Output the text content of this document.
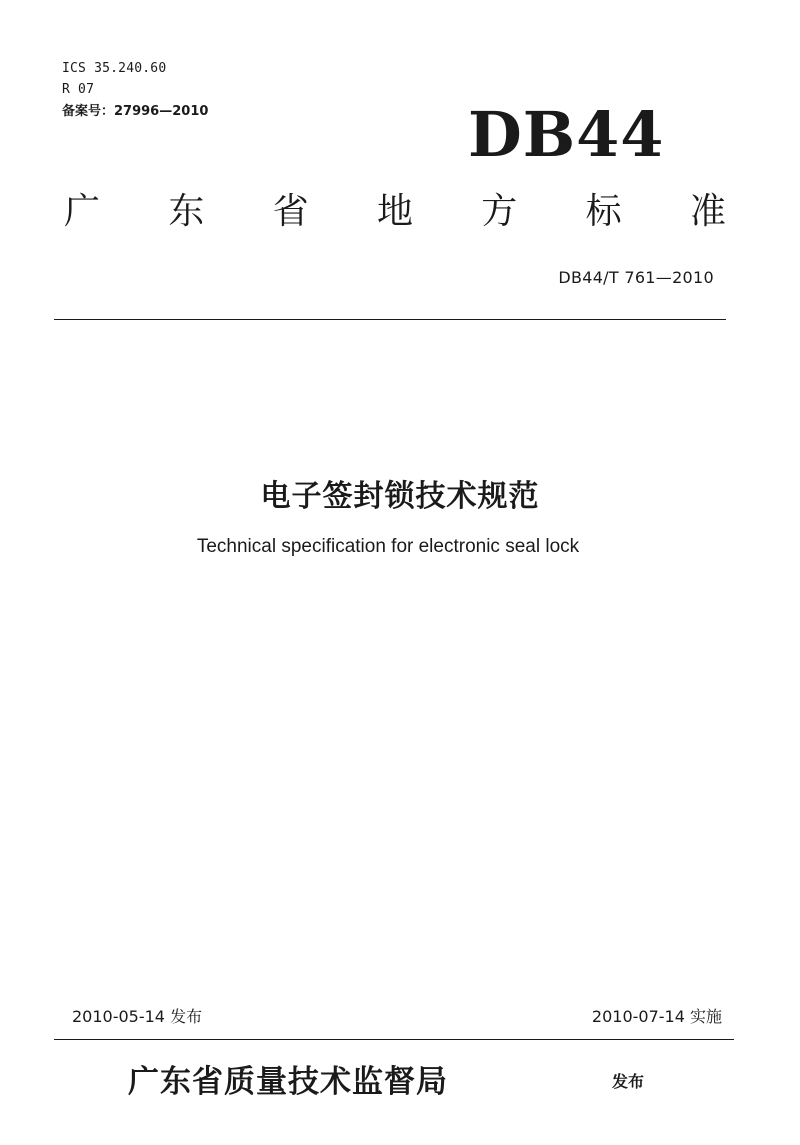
ICS 35.240.60
R 07
备案号：27996—2010	DB44
广 东 省 地 方 标 准
DB44/T 761—2010
电子签封锁技术规范
Technical specification for electronic seal lock
2010-05-14 发布	2010-07-14 实施
广东省质量技术监督局	发布
